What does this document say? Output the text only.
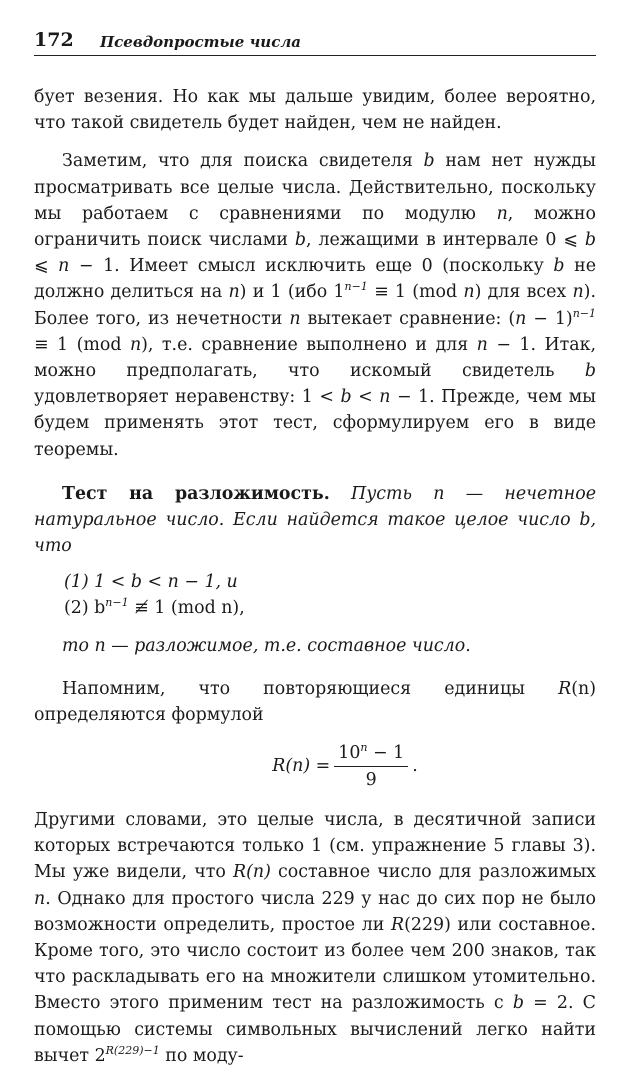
172 Псевдопростые числа

бует везения. Но как мы дальше увидим, более вероятно, что такой свидетель будет найден, чем не найден.

Заметим, что для поиска свидетеля b нам нет нужды просматривать все целые числа. Действительно, поскольку мы работаем с сравнениями по модулю n, можно ограничить поиск числами b, лежащими в интервале 0 ⩽ b ⩽ n − 1. Имеет смысл исключить еще 0 (поскольку b не должно делиться на n) и 1 (ибо $1^{n-1} \equiv 1$ (mod n) для всех n). Более того, из нечетности n вытекает сравнение: $(n - 1)^{n-1} \equiv 1$ (mod n), т.е. сравнение выполнено и для n − 1. Итак, можно предполагать, что искомый свидетель b удовлетворяет неравенству: 1 < b < n − 1. Прежде, чем мы будем применять этот тест, сформулируем его в виде теоремы.

Тест на разложимость. Пусть n — нечетное натуральное число. Если найдется такое целое число b, что

(1) 1 < b < n − 1, и
(2) $b^{n-1}$ ≢ 1 (mod n),

то n — разложимое, т.е. составное число.

Напомним, что повторяющиеся единицы R(n) определяются формулой

$R(n) = \frac{10^n - 1}{9}$ .

Другими словами, это целые числа, в десятичной записи которых встречаются только 1 (см. упражнение 5 главы 3). Мы уже видели, что R(n) составное число для разложимых n. Однако для простого числа 229 у нас до сих пор не было возможности определить, простое ли R(229) или составное. Кроме того, это число состоит из более чем 200 знаков, так что раскладывать его на множители слишком утомительно. Вместо этого применим тест на разложимость с b = 2. С помощью системы символьных вычислений легко найти вычет $2^{R(229)-1}$ по моду-
